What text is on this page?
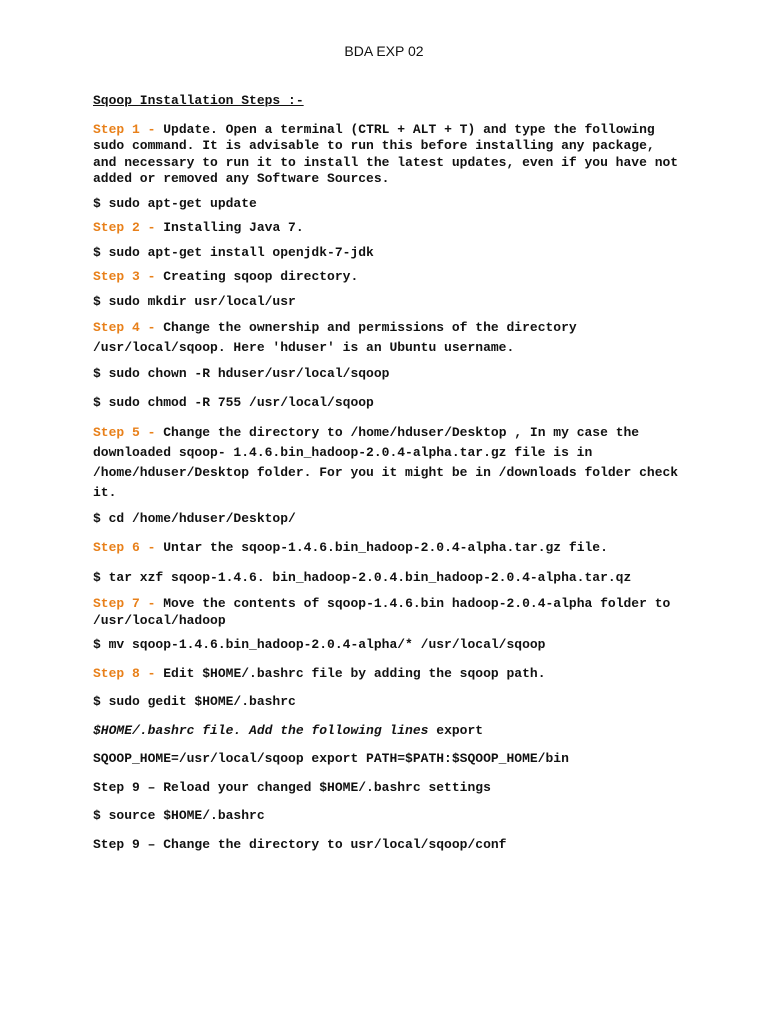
BDA EXP 02
Sqoop Installation Steps :-
Step 1 - Update. Open a terminal (CTRL + ALT + T) and type the following sudo command. It is advisable to run this before installing any package, and necessary to run it to install the latest updates, even if you have not added or removed any Software Sources.
$ sudo apt-get update
Step 2 - Installing Java 7.
$ sudo apt-get install openjdk-7-jdk
Step 3 - Creating sqoop directory.
$ sudo mkdir usr/local/usr
Step 4 - Change the ownership and permissions of the directory /usr/local/sqoop. Here 'hduser' is an Ubuntu username.
$ sudo chown -R hduser/usr/local/sqoop
$ sudo chmod -R 755 /usr/local/sqoop
Step 5 - Change the directory to /home/hduser/Desktop , In my case the downloaded sqoop- 1.4.6.bin_hadoop-2.0.4-alpha.tar.gz file is in /home/hduser/Desktop folder. For you it might be in /downloads folder check it.
$ cd /home/hduser/Desktop/
Step 6 - Untar the sqoop-1.4.6.bin_hadoop-2.0.4-alpha.tar.gz file.
$ tar xzf sqoop-1.4.6. bin_hadoop-2.0.4.bin_hadoop-2.0.4-alpha.tar.qz
Step 7 - Move the contents of sqoop-1.4.6.bin hadoop-2.0.4-alpha folder to /usr/local/hadoop
$ mv sqoop-1.4.6.bin_hadoop-2.0.4-alpha/* /usr/local/sqoop
Step 8 - Edit $HOME/.bashrc file by adding the sqoop path.
$ sudo gedit $HOME/.bashrc
$HOME/.bashrc file. Add the following lines export
SQOOP_HOME=/usr/local/sqoop export PATH=$PATH:$SQOOP_HOME/bin
Step 9 – Reload your changed $HOME/.bashrc settings
$ source $HOME/.bashrc
Step 9 – Change the directory to usr/local/sqoop/conf
